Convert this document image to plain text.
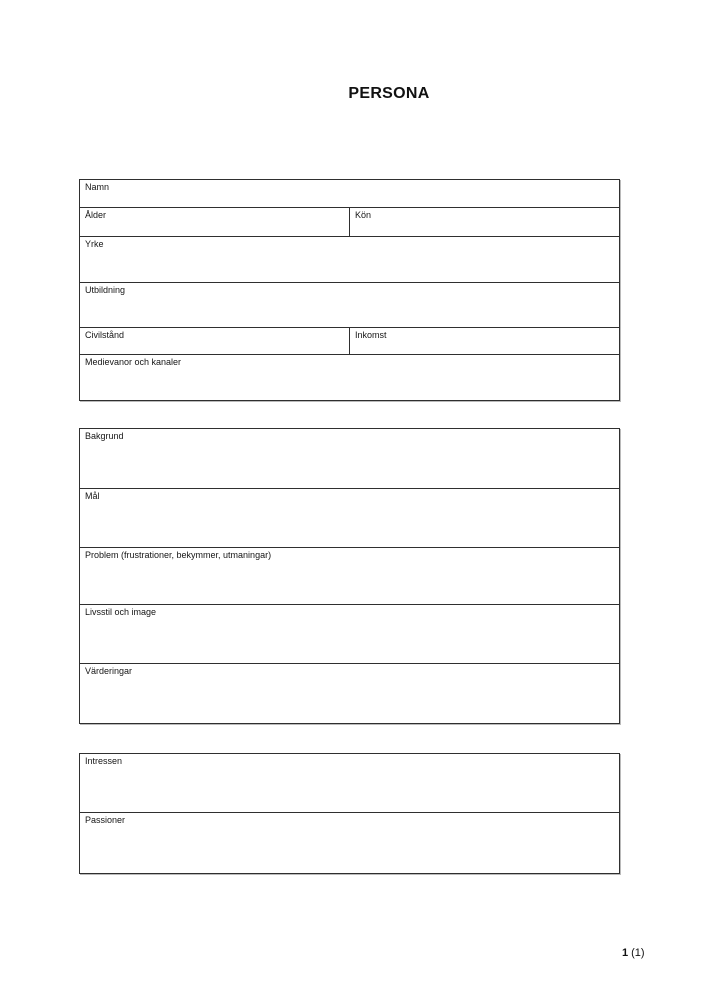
PERSONA
Namn
Ålder	Kön
Yrke
Utbildning
Civilstånd	Inkomst
Medievanor och kanaler
Bakgrund
Mål
Problem (frustrationer, bekymmer, utmaningar)
Livsstil och image
Värderingar
Intressen
Passioner
1 (1)
